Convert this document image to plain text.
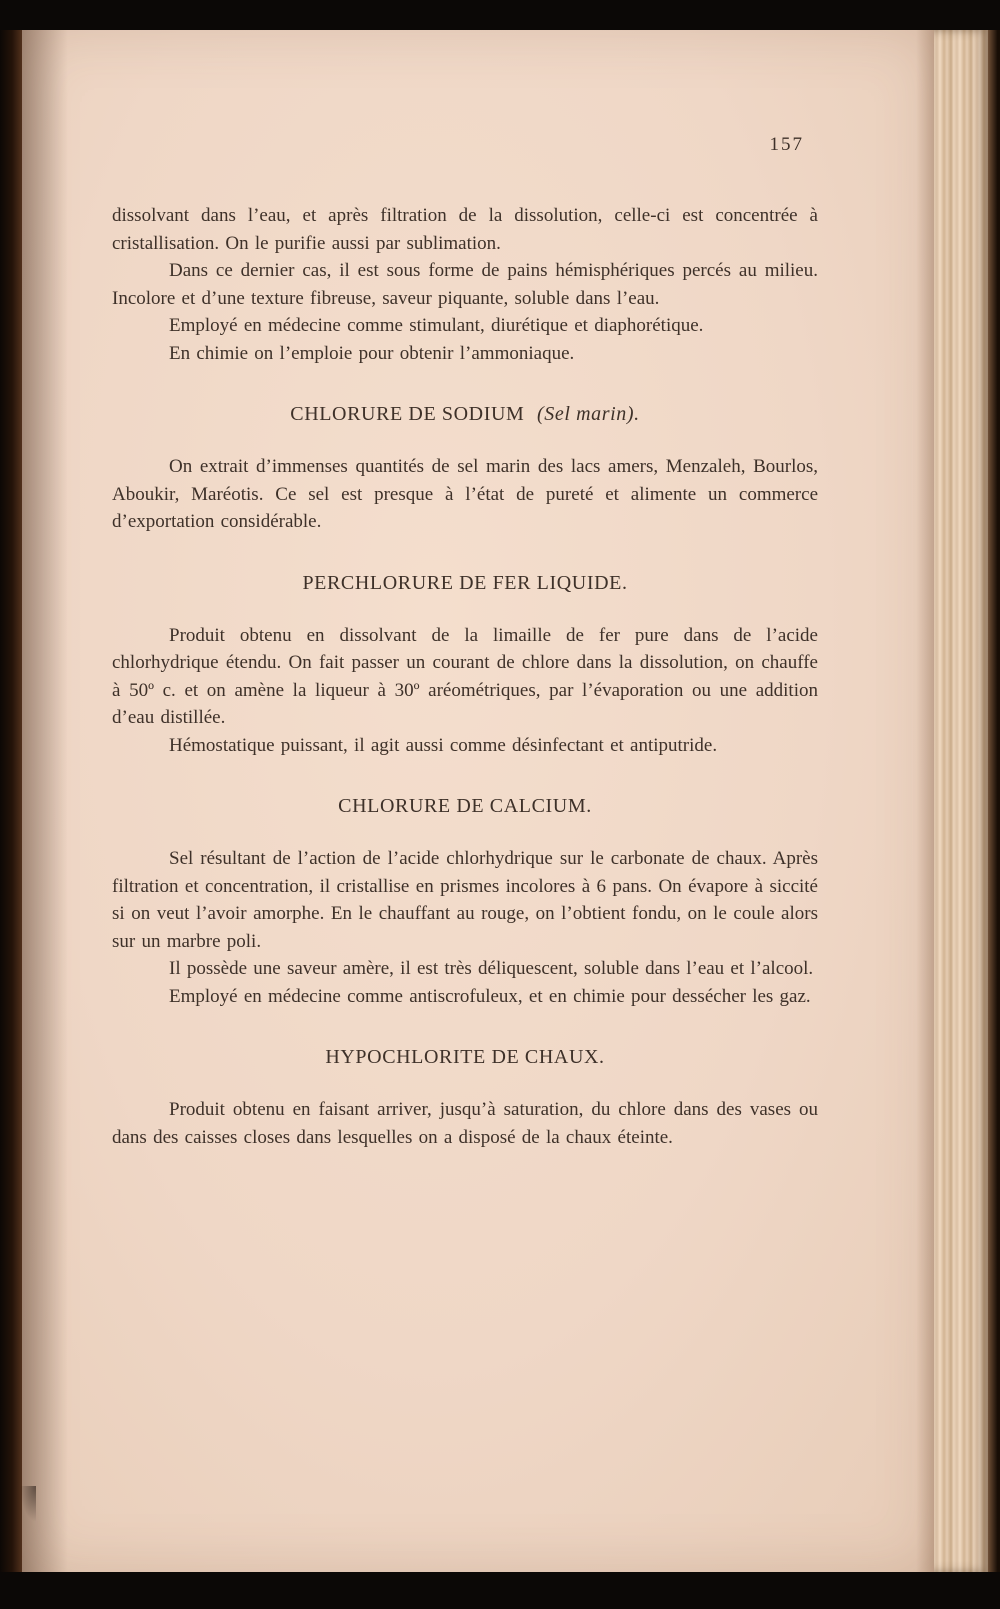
157

dissolvant dans l’eau, et après filtration de la dissolution, celle-ci est concentrée à cristallisation. On le purifie aussi par sublimation.

Dans ce dernier cas, il est sous forme de pains hémisphériques percés au milieu. Incolore et d’une texture fibreuse, saveur piquante, soluble dans l’eau.

Employé en médecine comme stimulant, diurétique et diaphorétique.

En chimie on l’emploie pour obtenir l’ammoniaque.

CHLORURE DE SODIUM (Sel marin).

On extrait d’immenses quantités de sel marin des lacs amers, Menzaleh, Bourlos, Aboukir, Maréotis. Ce sel est presque à l’état de pureté et alimente un commerce d’exportation considérable.

PERCHLORURE DE FER LIQUIDE.

Produit obtenu en dissolvant de la limaille de fer pure dans de l’acide chlorhydrique étendu. On fait passer un courant de chlore dans la dissolution, on chauffe à 50º c. et on amène la liqueur à 30º aréométriques, par l’évaporation ou une addition d’eau distillée.

Hémostatique puissant, il agit aussi comme désinfectant et antiputride.

CHLORURE DE CALCIUM.

Sel résultant de l’action de l’acide chlorhydrique sur le carbonate de chaux. Après filtration et concentration, il cristallise en prismes incolores à 6 pans. On évapore à siccité si on veut l’avoir amorphe. En le chauffant au rouge, on l’obtient fondu, on le coule alors sur un marbre poli.

Il possède une saveur amère, il est très déliquescent, soluble dans l’eau et l’alcool.

Employé en médecine comme antiscrofuleux, et en chimie pour dessécher les gaz.

HYPOCHLORITE DE CHAUX.

Produit obtenu en faisant arriver, jusqu’à saturation, du chlore dans des vases ou dans des caisses closes dans lesquelles on a disposé de la chaux éteinte.
